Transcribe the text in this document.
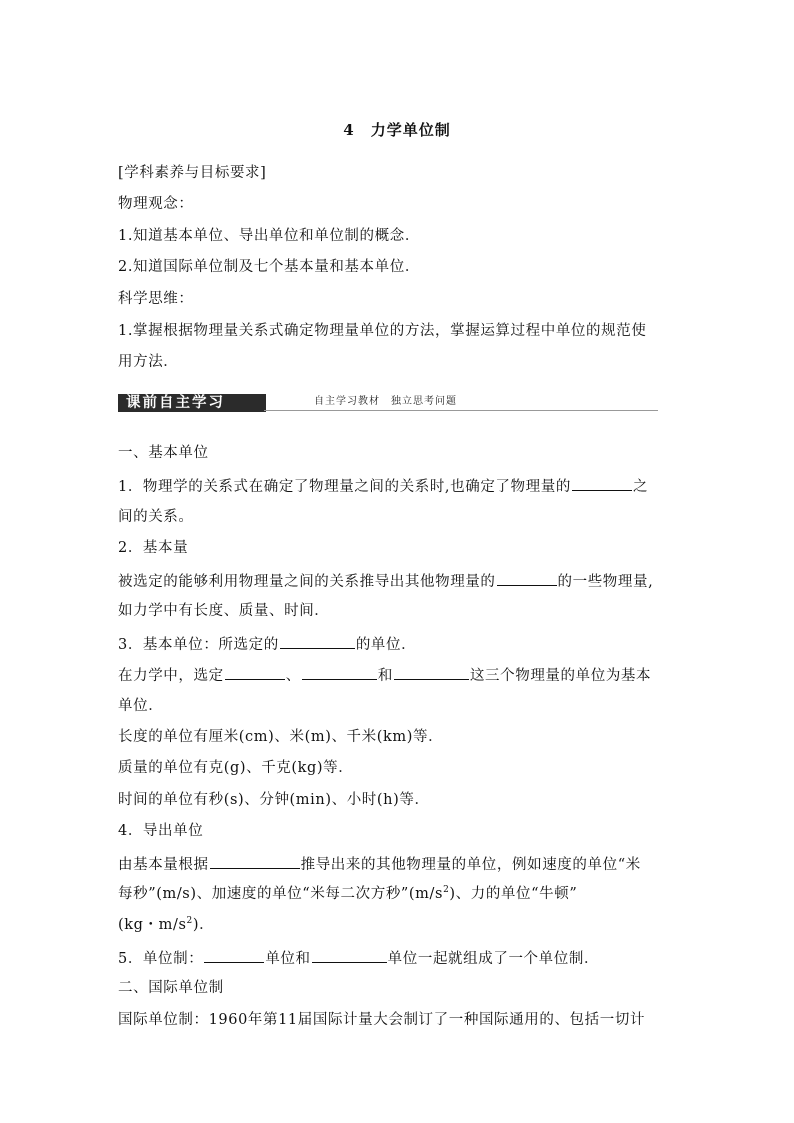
4　力学单位制
[学科素养与目标要求]
物理观念：
1.知道基本单位、导出单位和单位制的概念．
2.知道国际单位制及七个基本量和基本单位．
科学思维：
1.掌握根据物理量关系式确定物理量单位的方法，掌握运算过程中单位的规范使
用方法．
课前自主学习	自主学习教材　独立思考问题
一、基本单位
1．物理学的关系式在确定了物理量之间的关系时,也确定了物理量的	之
间的关系。
2．基本量
被选定的能够利用物理量之间的关系推导出其他物理量的	的一些物理量,
如力学中有长度、质量、时间．
3．基本单位：所选定的	的单位．
在力学中，选定	、	和	这三个物理量的单位为基本
单位．
长度的单位有厘米(cm)、米(m)、千米(km)等．
质量的单位有克(g)、千克(kg)等．
时间的单位有秒(s)、分钟(min)、小时(h)等．
4．导出单位
由基本量根据	推导出来的其他物理量的单位，例如速度的单位“米
每秒”(m/s)、加速度的单位“米每二次方秒$”(m/s^2)$、力的单位“牛顿”
(kg・$m/s^2$)．
5．单位制：	单位和	单位一起就组成了一个单位制．
二、国际单位制
国际单位制：1960年第11届国际计量大会制订了一种国际通用的、包括一切计
